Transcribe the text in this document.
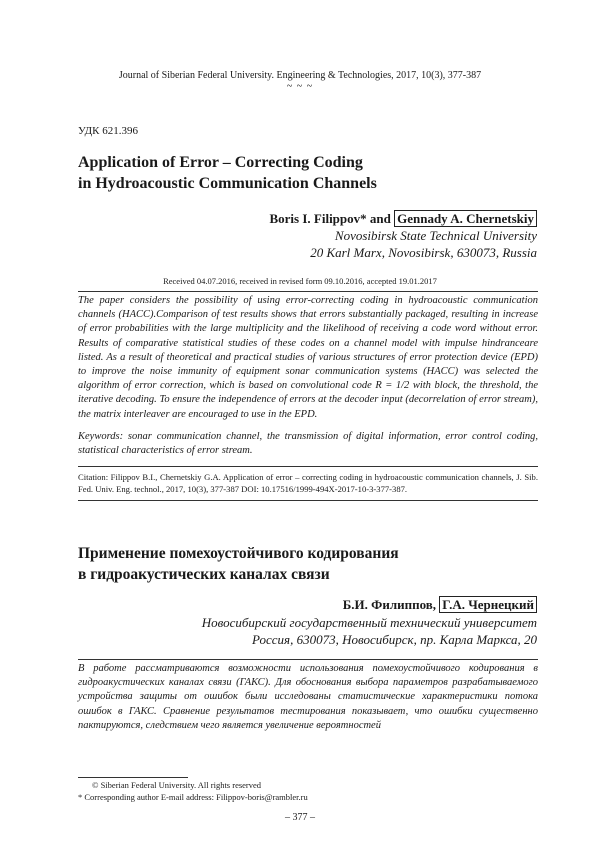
Journal of Siberian Federal University. Engineering & Technologies, 2017, 10(3), 377-387
~ ~ ~
УДК 621.396
Application of Error – Correcting Coding
in Hydroacoustic Communication Channels
Boris I. Filippov* and Gennady A. Chernetskiy
Novosibirsk State Technical University
20 Karl Marx, Novosibirsk, 630073, Russia
Received 04.07.2016, received in revised form 09.10.2016, accepted 19.01.2017
The paper considers the possibility of using error-correcting coding in hydroacoustic communication channels (HACC).Comparison of test results shows that errors substantially packaged, resulting in increase of error probabilities with the large multiplicity and the likelihood of receiving a code word without error. Results of comparative statistical studies of these codes on a channel model with impulse hindranceare listed. As a result of theoretical and practical studies of various structures of error protection device (EPD) to improve the noise immunity of equipment sonar communication systems (HACC) was selected the algorithm of error correction, which is based on convolutional code R = 1/2 with block, the threshold, the iterative decoding. To ensure the independence of errors at the decoder input (decorrelation of error stream), the matrix interleaver are encouraged to use in the EPD.
Keywords: sonar communication channel, the transmission of digital information, error control coding, statistical characteristics of error stream.
Citation: Filippov B.I., Chernetskiy G.A. Application of error – correcting coding in hydroacoustic communication channels, J. Sib. Fed. Univ. Eng. technol., 2017, 10(3), 377-387 DOI: 10.17516/1999-494X-2017-10-3-377-387.
Применение помехоустойчивого кодирования
в гидроакустических каналах связи
Б.И. Филиппов, Г.А. Чернецкий
Новосибирский государственный технический университет
Россия, 630073, Новосибирск, пр. Карла Маркса, 20
В работе рассматриваются возможности использования помехоустойчивого кодирования в гидроакустических каналах связи (ГАКС). Для обоснования выбора параметров разрабатываемого устройства защиты от ошибок были исследованы статистические характеристики потока ошибок в ГАКС. Сравнение результатов тестирования показывает, что ошибки существенно пактируются, следствием чего является увеличение вероятностей
© Siberian Federal University. All rights reserved
* Corresponding author E-mail address: Filippov-boris@rambler.ru
– 377 –
